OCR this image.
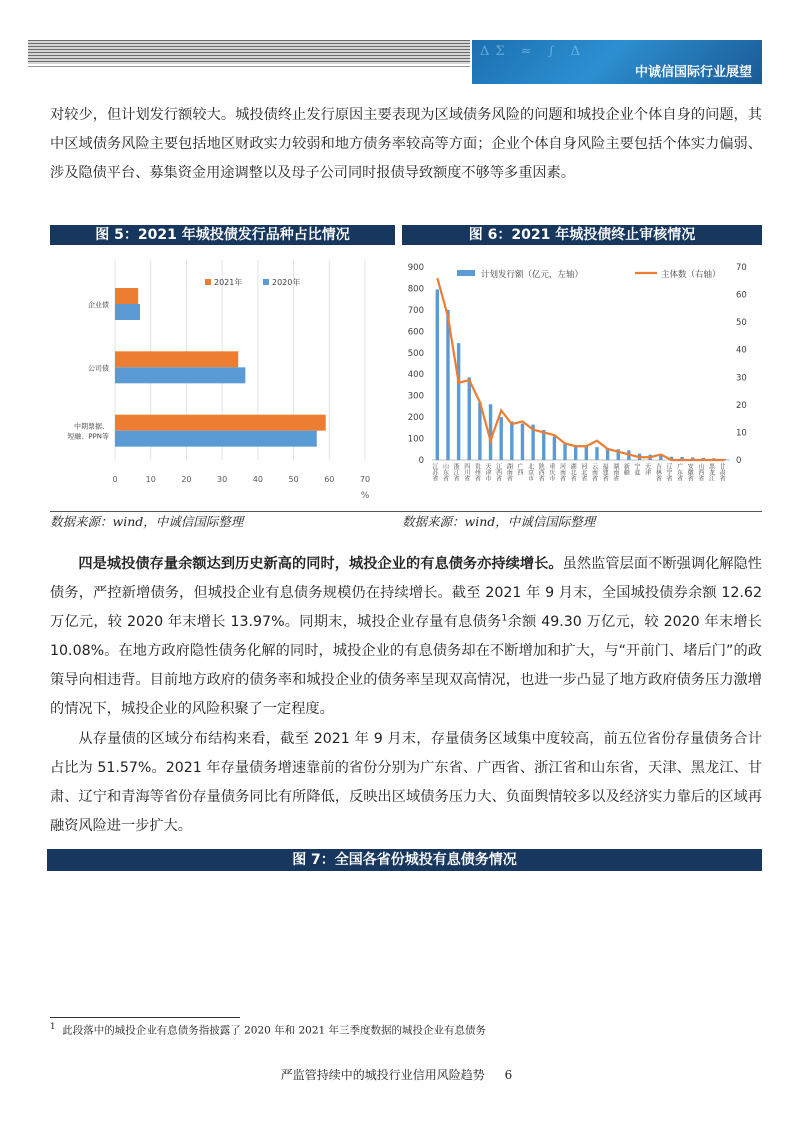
ΔΣ ≈ ∫ Δ
中诚信国际行业展望

对较少，但计划发行额较大。城投债终止发行原因主要表现为区域债务风险的问题和城投企业个体自身的问题，其中区域债务风险主要包括地区财政实力较弱和地方债务率较高等方面；企业个体自身风险主要包括个体实力偏弱、涉及隐债平台、募集资金用途调整以及母子公司同时报债导致额度不够等多重因素。

图 5：2021 年城投债发行品种占比情况	图 6：2021 年城投债终止审核情况
0	10	20	30	40	50	60	70
%
企业债
公司债
中期票据、
短融、PPN等
2021年	2020年
0
100
200
300
400
500
600
700
800
900
0
10
20
30
40
50
60
70
江苏省 山东省 浙江省 四川省 贵州省 天津市 江西省 湖南省 广西 北京市 陕西省 重庆市 河南省 湖北省 河北省 云南省 福建省 湖南省 新疆 宁夏 天津 吉林省 辽宁省 广东省 安徽省 山西省 黑龙江 甘肃省
计划发行额（亿元，左轴）	主体数（右轴）
数据来源：wind，中诚信国际整理	数据来源：wind，中诚信国际整理

四是城投债存量余额达到历史新高的同时，城投企业的有息债务亦持续增长。虽然监管层面不断强调化解隐性债务，严控新增债务，但城投企业有息债务规模仍在持续增长。截至 2021 年 9 月末，全国城投债券余额 12.62 万亿元，较 2020 年末增长 13.97%。同期末，城投企业存量有息债务$^1$余额 49.30 万亿元，较 2020 年末增长 10.08%。在地方政府隐性债务化解的同时，城投企业的有息债务却在不断增加和扩大，与“开前门、堵后门”的政策导向相违背。目前地方政府的债务率和城投企业的债务率呈现双高情况，也进一步凸显了地方政府债务压力激增的情况下，城投企业的风险积聚了一定程度。

从存量债的区域分布结构来看，截至 2021 年 9 月末，存量债务区域集中度较高，前五位省份存量债务合计占比为 51.57%。2021 年存量债务增速靠前的省份分别为广东省、广西省、浙江省和山东省，天津、黑龙江、甘肃、辽宁和青海等省份存量债务同比有所降低，反映出区域债务压力大、负面舆情较多以及经济实力靠后的区域再融资风险进一步扩大。

图 7：全国各省份城投有息债务情况
$^1$ 此段落中的城投企业有息债务指披露了 2020 年和 2021 年三季度数据的城投企业有息债务
严监管持续中的城投行业信用风险趋势 6
